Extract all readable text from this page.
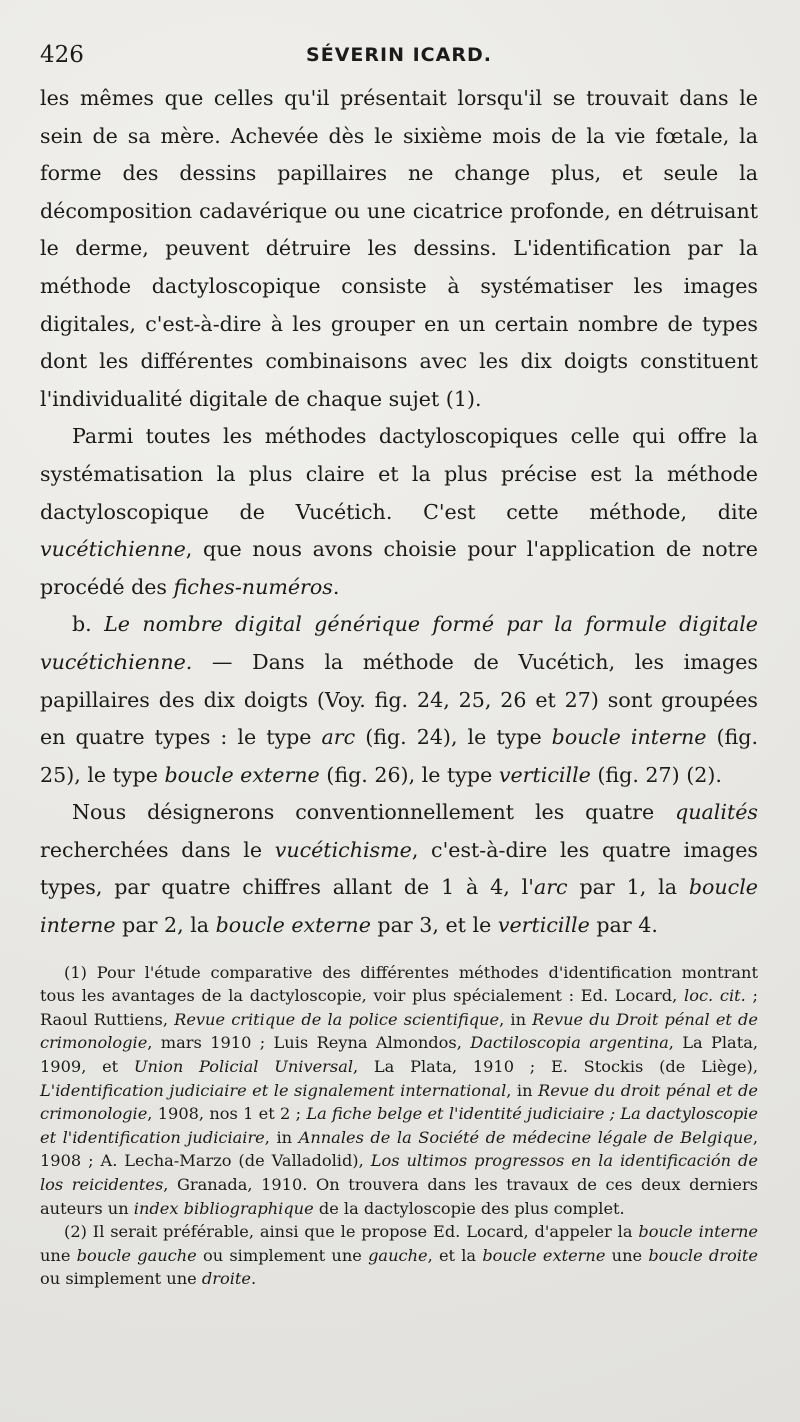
426	SÉVERIN ICARD.

les mêmes que celles qu'il présentait lorsqu'il se trouvait dans le sein de sa mère. Achevée dès le sixième mois de la vie fœtale, la forme des dessins papillaires ne change plus, et seule la décomposition cadavérique ou une cicatrice profonde, en détruisant le derme, peuvent détruire les dessins. L'identification par la méthode dactyloscopique consiste à systématiser les images digitales, c'est-à-dire à les grouper en un certain nombre de types dont les différentes combinaisons avec les dix doigts constituent l'individualité digitale de chaque sujet (1).

Parmi toutes les méthodes dactyloscopiques celle qui offre la systématisation la plus claire et la plus précise est la méthode dactyloscopique de Vucétich. C'est cette méthode, dite vucétichienne, que nous avons choisie pour l'application de notre procédé des fiches-numéros.

b. Le nombre digital générique formé par la formule digitale vucétichienne. — Dans la méthode de Vucétich, les images papillaires des dix doigts (Voy. fig. 24, 25, 26 et 27) sont groupées en quatre types : le type arc (fig. 24), le type boucle interne (fig. 25), le type boucle externe (fig. 26), le type verticille (fig. 27) (2).

Nous désignerons conventionnellement les quatre qualités recherchées dans le vucétichisme, c'est-à-dire les quatre images types, par quatre chiffres allant de 1 à 4, l'arc par 1, la boucle interne par 2, la boucle externe par 3, et le verticille par 4.

(1) Pour l'étude comparative des différentes méthodes d'identification montrant tous les avantages de la dactyloscopie, voir plus spécialement : Ed. Locard, loc. cit. ; Raoul Ruttiens, Revue critique de la police scientifique, in Revue du Droit pénal et de crimonologie, mars 1910 ; Luis Reyna Almondos, Dactiloscopia argentina, La Plata, 1909, et Union Policial Universal, La Plata, 1910 ; E. Stockis (de Liège), L'identification judiciaire et le signalement international, in Revue du droit pénal et de crimonologie, 1908, nos 1 et 2 ; La fiche belge et l'identité judiciaire ; La dactyloscopie et l'identification judiciaire, in Annales de la Société de médecine légale de Belgique, 1908 ; A. Lecha-Marzo (de Valladolid), Los ultimos progressos en la identificación de los reicidentes, Granada, 1910. On trouvera dans les travaux de ces deux derniers auteurs un index bibliographique de la dactyloscopie des plus complet.

(2) Il serait préférable, ainsi que le propose Ed. Locard, d'appeler la boucle interne une boucle gauche ou simplement une gauche, et la boucle externe une boucle droite ou simplement une droite.
